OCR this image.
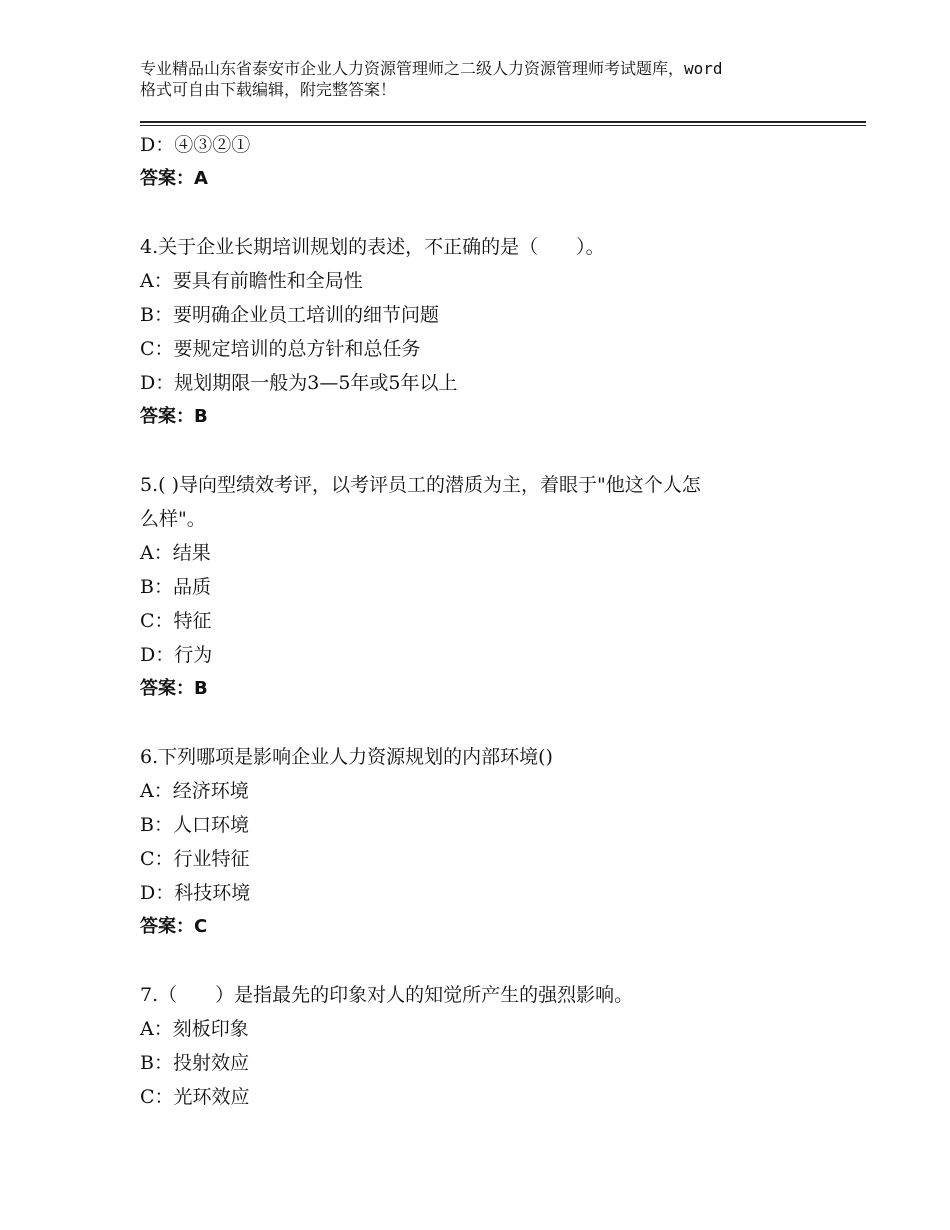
专业精品山东省泰安市企业人力资源管理师之二级人力资源管理师考试题库，word
格式可自由下载编辑，附完整答案！
D：④③②①
答案：A
4.关于企业长期培训规划的表述，不正确的是（　　）。
A：要具有前瞻性和全局性
B：要明确企业员工培训的细节问题
C：要规定培训的总方针和总任务
D：规划期限一般为3—5年或5年以上
答案：B
5.( )导向型绩效考评，以考评员工的潜质为主，着眼于"他这个人怎
么样"。
A：结果
B：品质
C：特征
D：行为
答案：B
6.下列哪项是影响企业人力资源规划的内部环境()
A：经济环境
B：人口环境
C：行业特征
D：科技环境
答案：C
7.（　　）是指最先的印象对人的知觉所产生的强烈影响。
A：刻板印象
B：投射效应
C：光环效应
